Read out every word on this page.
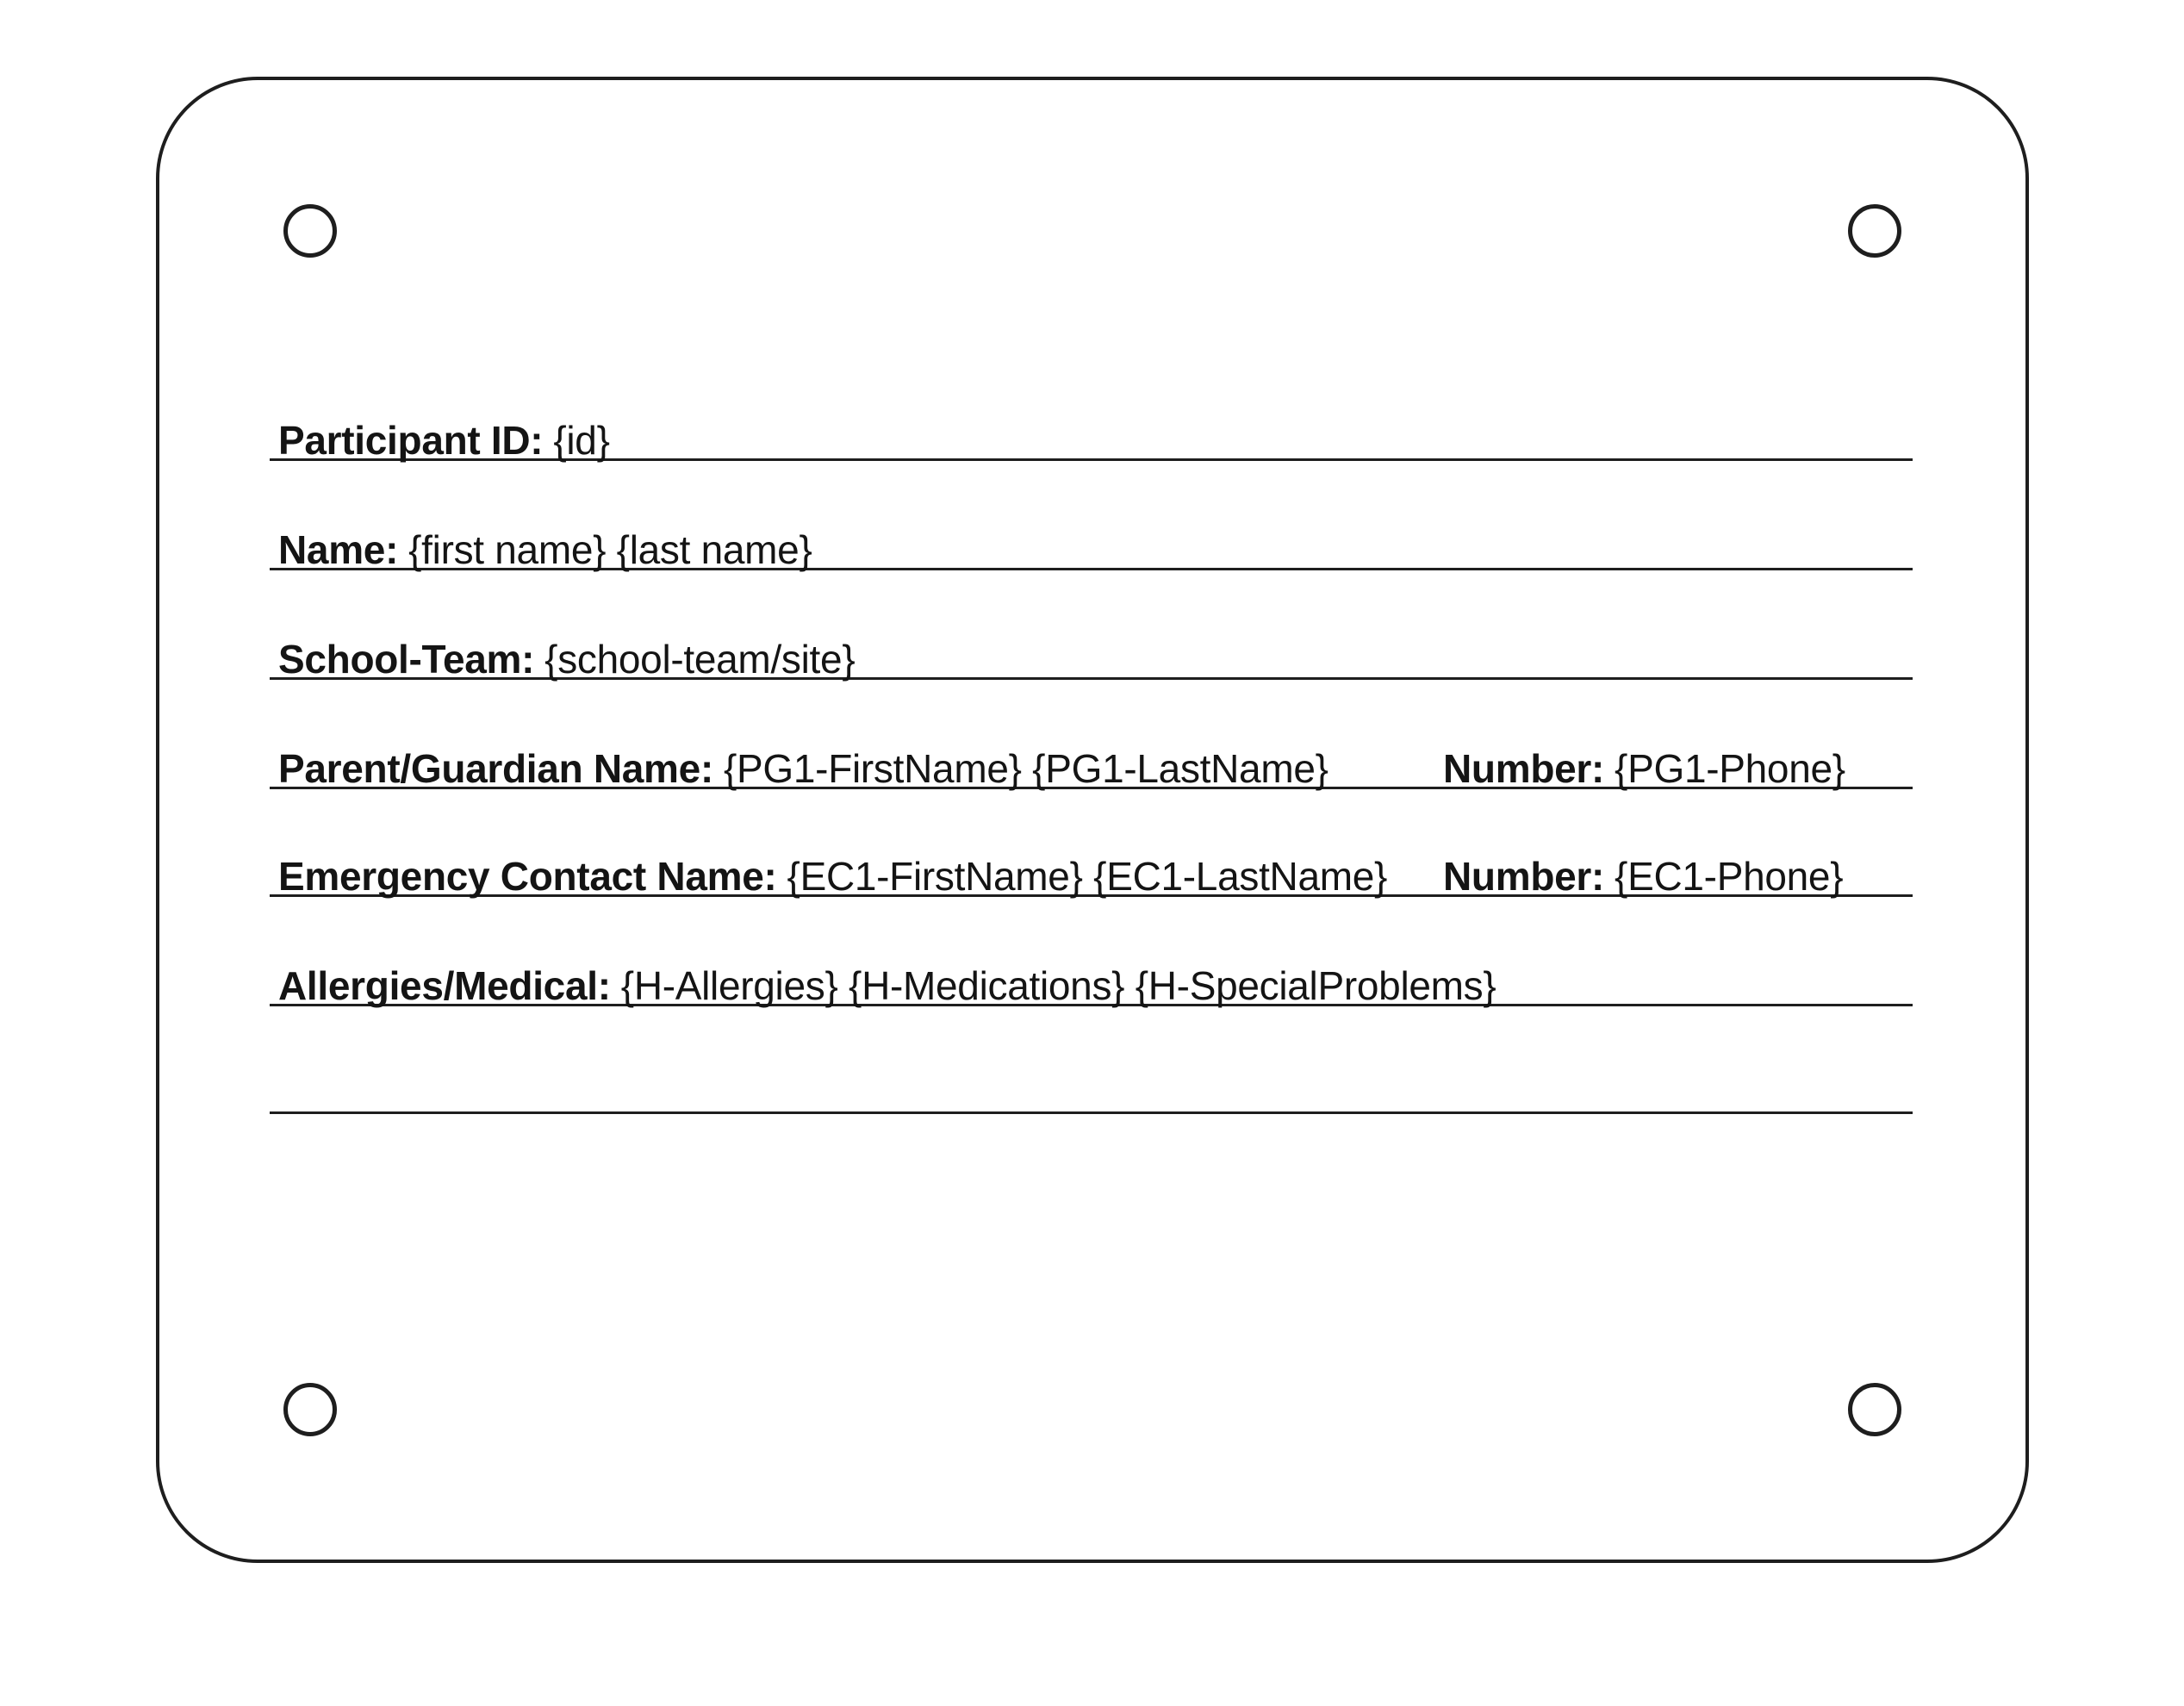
Participant ID: {id}
Name: {first name} {last name}
School-Team: {school-team/site}
Parent/Guardian Name: {PG1-FirstName} {PG1-LastName}	Number: {PG1-Phone}
Emergency Contact Name: {EC1-FirstName} {EC1-LastName} Number: {EC1-Phone}
Allergies/Medical: {H-Allergies} {H-Medications} {H-SpecialProblems}
